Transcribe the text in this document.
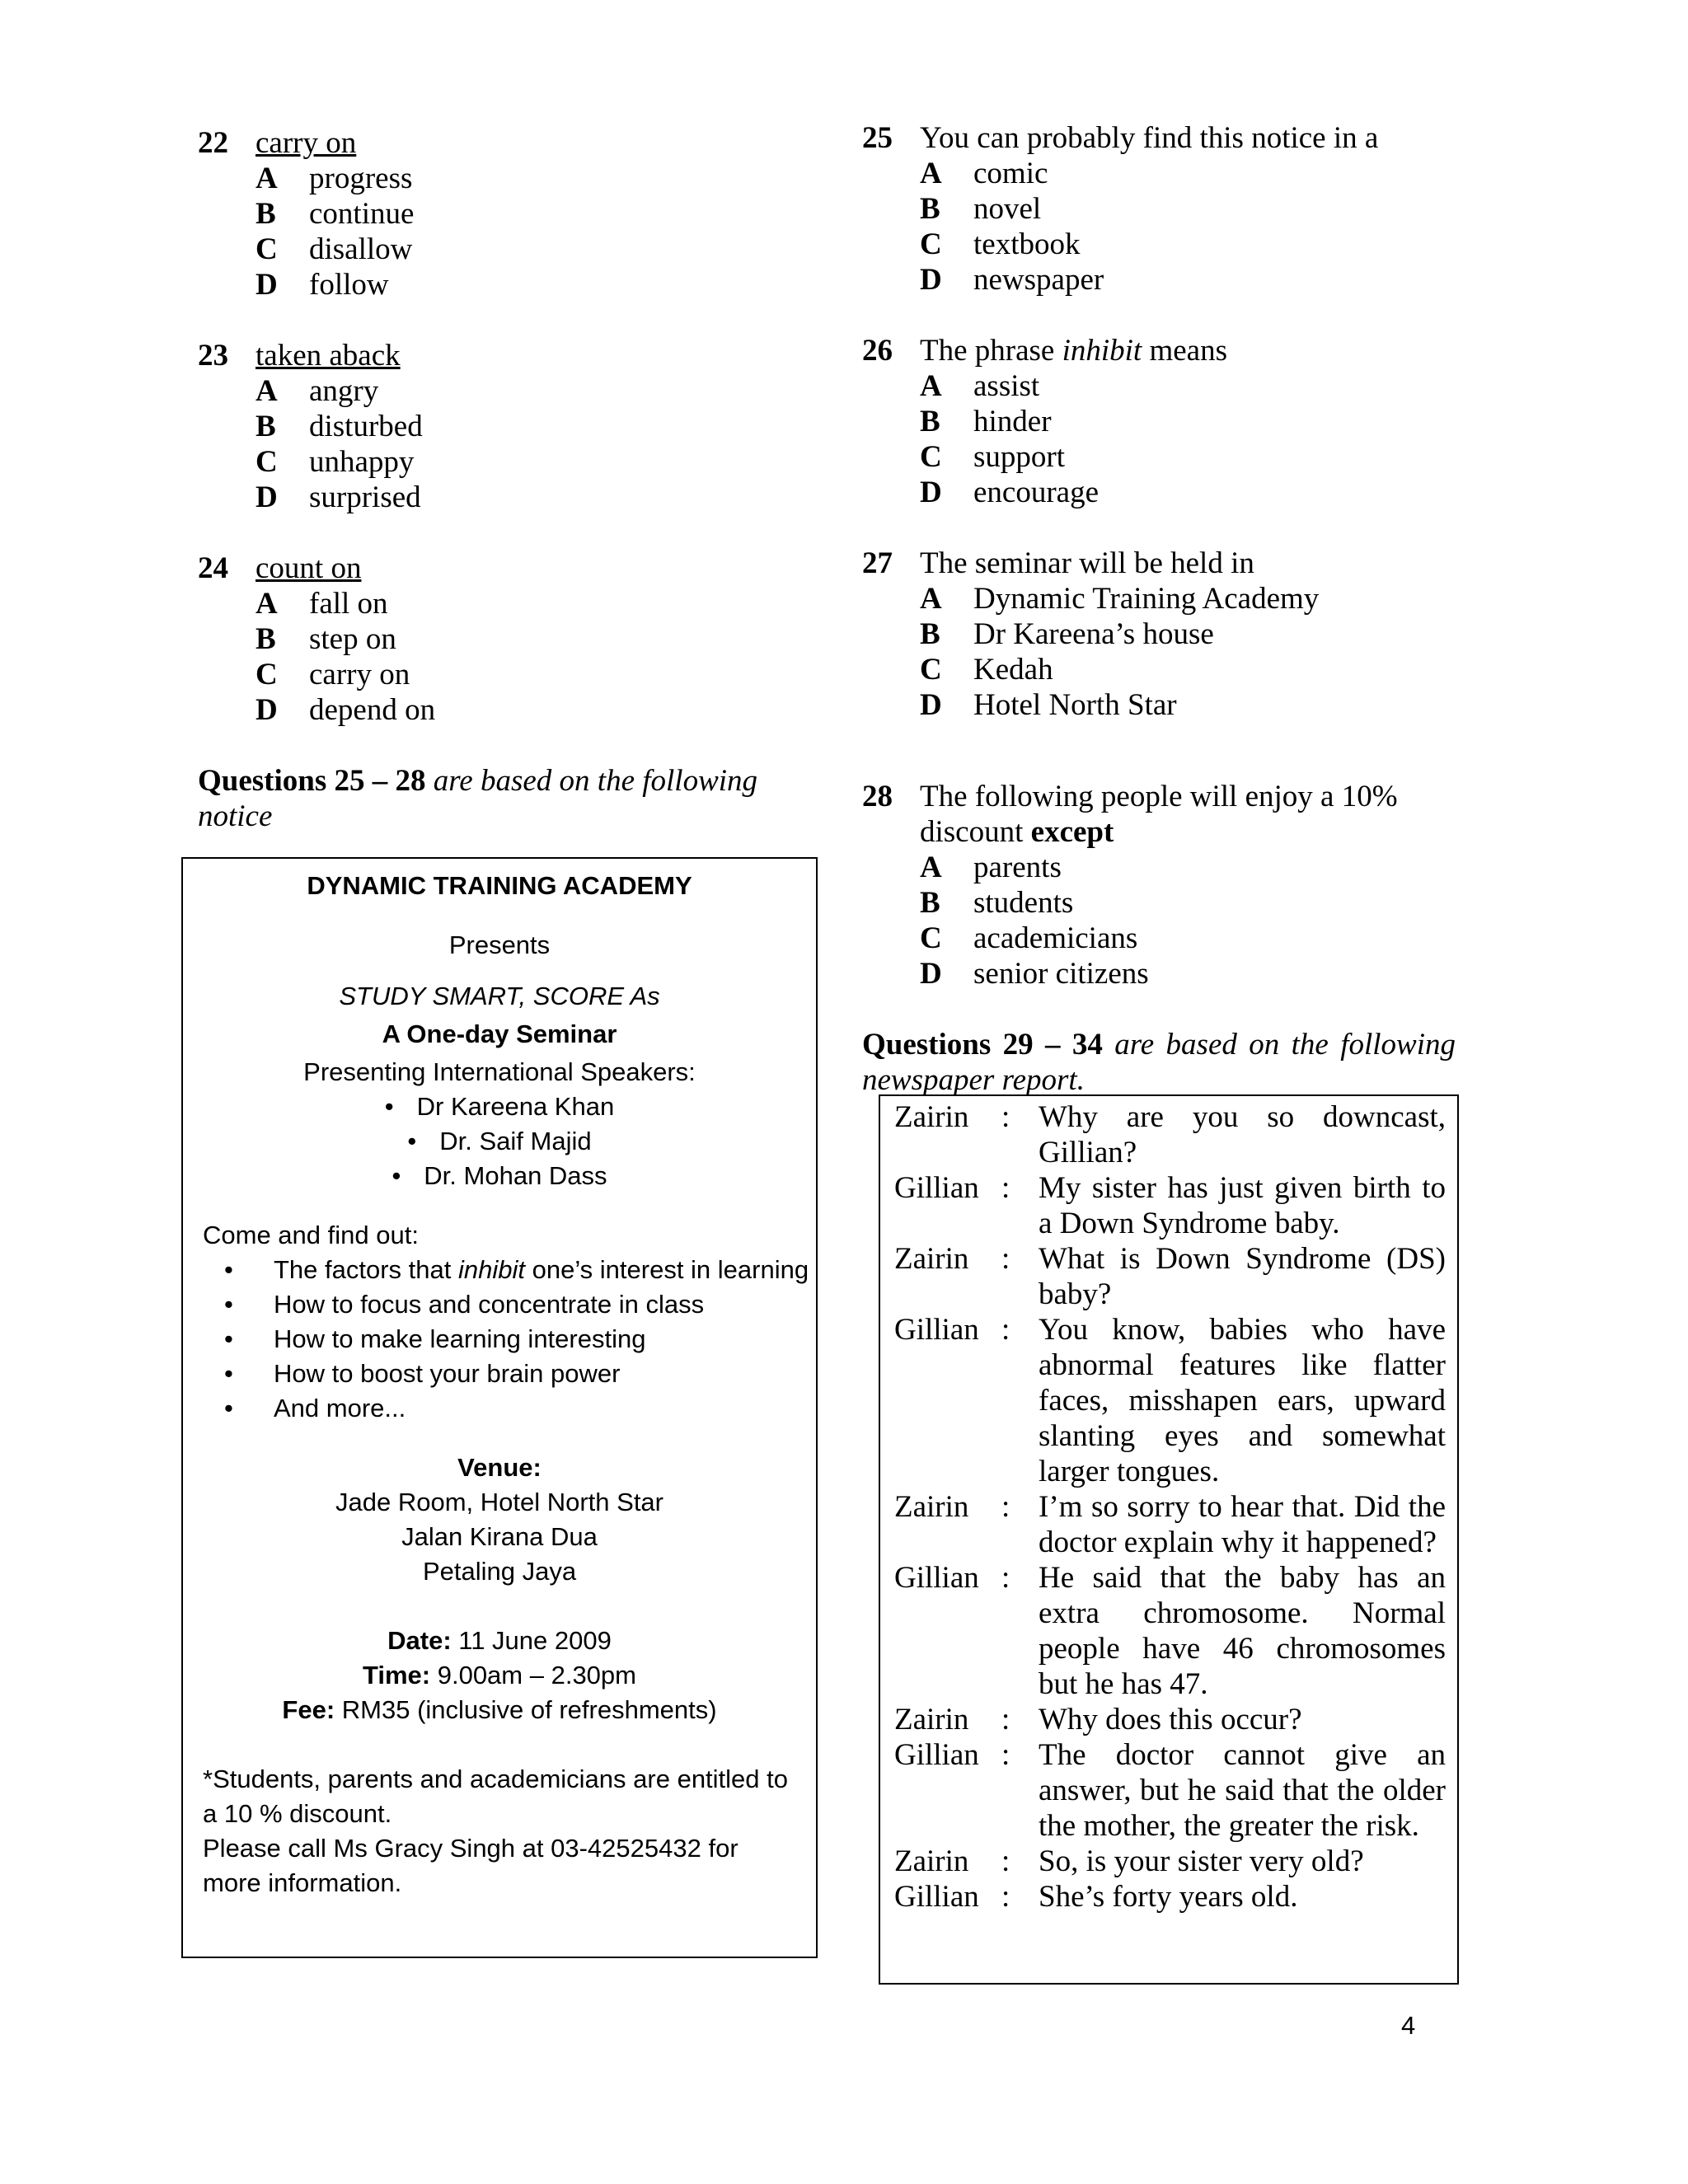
22 carry on
A progress
B continue
C disallow
D follow
23 taken aback
A angry
B disturbed
C unhappy
D surprised
24 count on
A fall on
B step on
C carry on
D depend on
Questions 25 – 28 are based on the following notice
DYNAMIC TRAINING ACADEMY
Presents
STUDY SMART, SCORE As
A One-day Seminar
Presenting International Speakers:
• Dr Kareena Khan
• Dr. Saif Majid
• Dr. Mohan Dass
Come and find out:
• The factors that inhibit one’s interest in learning
• How to focus and concentrate in class
• How to make learning interesting
• How to boost your brain power
• And more...
Venue:
Jade Room, Hotel North Star
Jalan Kirana Dua
Petaling Jaya
Date: 11 June 2009
Time: 9.00am – 2.30pm
Fee: RM35 (inclusive of refreshments)
*Students, parents and academicians are entitled to a 10 % discount.
Please call Ms Gracy Singh at 03-42525432 for more information.
25 You can probably find this notice in a
A comic
B novel
C textbook
D newspaper
26 The phrase inhibit means
A assist
B hinder
C support
D encourage
27 The seminar will be held in
A Dynamic Training Academy
B Dr Kareena’s house
C Kedah
D Hotel North Star
28 The following people will enjoy a 10% discount except
A parents
B students
C academicians
D senior citizens
Questions 29 – 34 are based on the following newspaper report.
Zairin	: Why are you so downcast, Gillian?
Gillian : My sister has just given birth to a Down Syndrome baby.
Zairin	: What is Down Syndrome (DS) baby?
Gillian : You know, babies who have abnormal features like flatter faces, misshapen ears, upward slanting eyes and somewhat larger tongues.
Zairin	: I’m so sorry to hear that. Did the doctor explain why it happened?
Gillian : He said that the baby has an extra chromosome. Normal people have 46 chromosomes but he has 47.
Zairin	: Why does this occur?
Gillian : The doctor cannot give an answer, but he said that the older the mother, the greater the risk.
Zairin	: So, is your sister very old?
Gillian : She’s forty years old.
4
